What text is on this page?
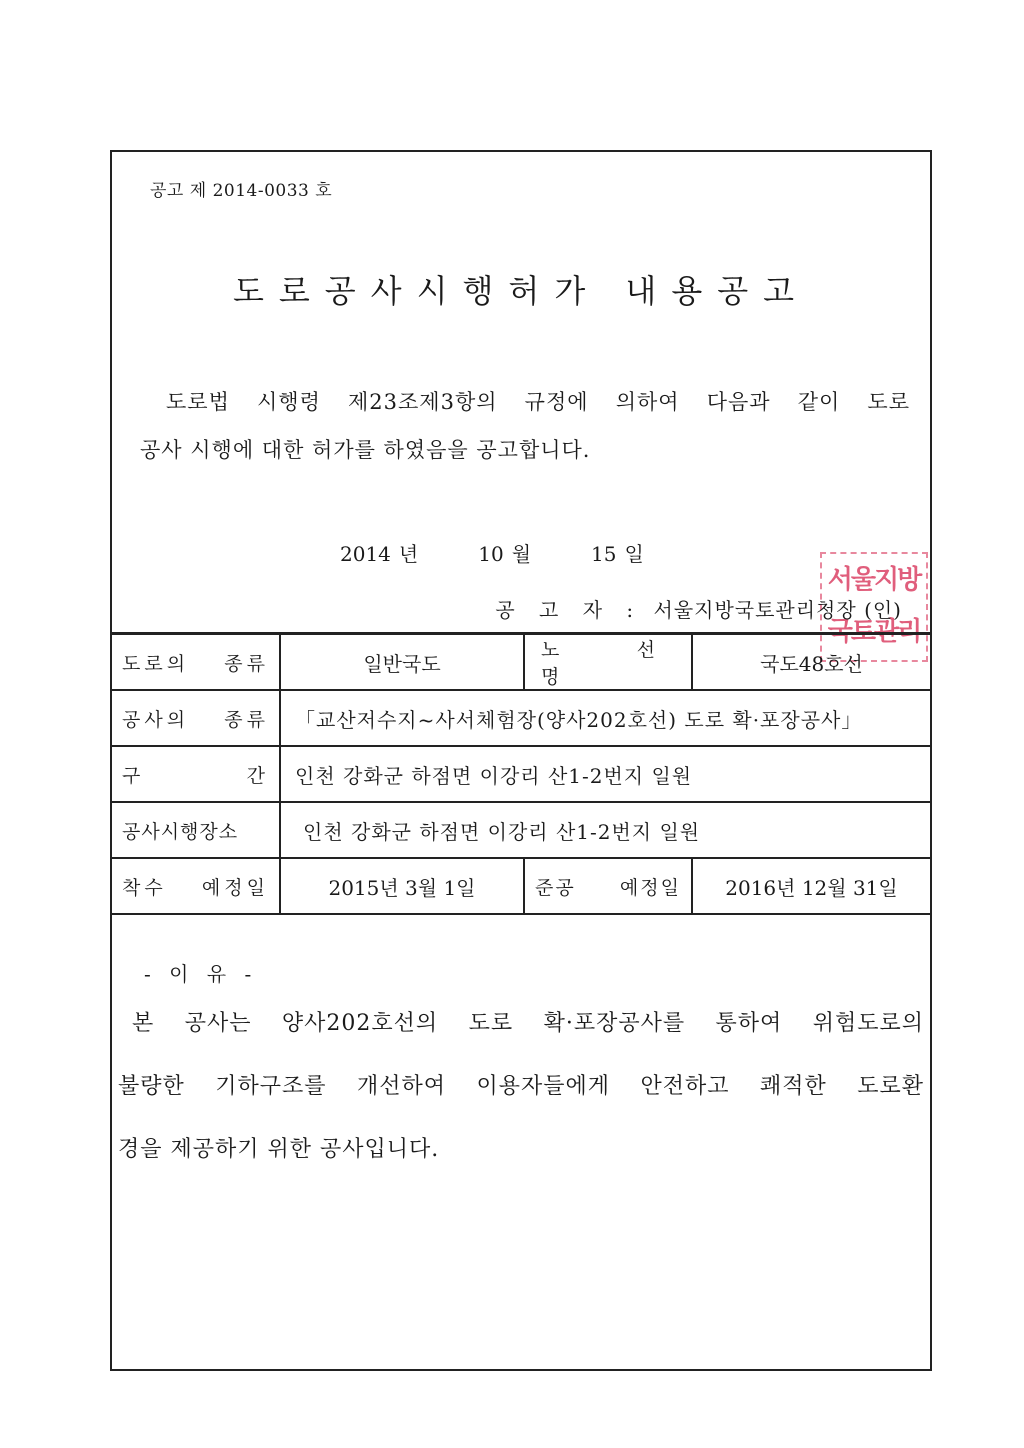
공고 제 2014-0033 호
도로공사시행허가 내용공고
도로법 시행령 제23조제3항의 규정에 의하여 다음과 같이 도로
공사 시행에 대한 허가를 하였음을 공고합니다.
2014 년	10 월	15 일
서울지방
국토관리
공 고 자 : 서울지방국토관리청장 (인)
도로의 종류	일반국도	노 선 명	국도48호선
공사의 종류	「교산저수지~사서체험장(양사202호선) 도로 확·포장공사」		
구 간	인천 강화군 하점면 이강리 산1-2번지 일원		
공사시행장소	인천 강화군 하점면 이강리 산1-2번지 일원		
착수 예정일	2015년 3월 1일	준공 예정일	2016년 12월 31일
- 이 유 -
본 공사는 양사202호선의 도로 확·포장공사를 통하여 위험도로의
불량한 기하구조를 개선하여 이용자들에게 안전하고 쾌적한 도로환
경을 제공하기 위한 공사입니다.
